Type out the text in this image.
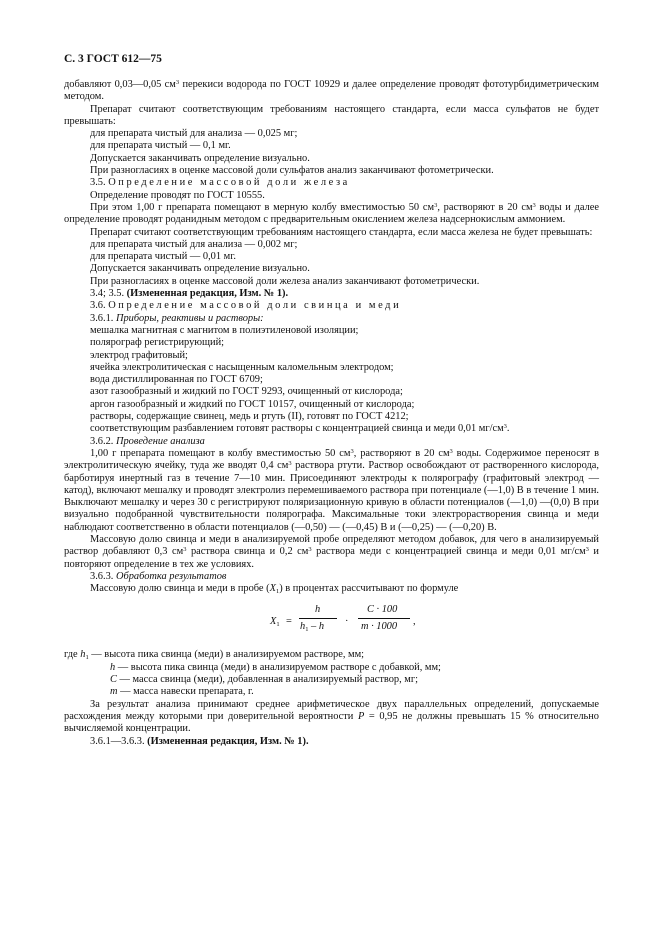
С. 3 ГОСТ 612—75

добавляют 0,03—0,05 $см^3$ перекиси водорода по ГОСТ 10929 и далее определение проводят фототурбидиметрическим методом.

Препарат считают соответствующим требованиям настоящего стандарта, если масса сульфатов не будет превышать:

для препарата чистый для анализа — 0,025 мг;

для препарата чистый — 0,1 мг.

Допускается заканчивать определение визуально.

При разногласиях в оценке массовой доли сульфатов анализ заканчивают фотометрически.

3.5. Определение массовой доли железа

Определение проводят по ГОСТ 10555.

При этом 1,00 г препарата помещают в мерную колбу вместимостью 50 $см^3$, растворяют в 20 $см^3$ воды и далее определение проводят роданидным методом с предварительным окислением железа надсернокислым аммонием.

Препарат считают соответствующим требованиям настоящего стандарта, если масса железа не будет превышать:

для препарата чистый для анализа — 0,002 мг;

для препарата чистый — 0,01 мг.

Допускается заканчивать определение визуально.

При разногласиях в оценке массовой доли железа анализ заканчивают фотометрически.

3.4; 3.5. (Измененная редакция, Изм. № 1).

3.6. Определение массовой доли свинца и меди

3.6.1. Приборы, реактивы и растворы:

мешалка магнитная с магнитом в полиэтиленовой изоляции;

полярограф регистрирующий;

электрод графитовый;

ячейка электролитическая с насыщенным каломельным электродом;

вода дистиллированная по ГОСТ 6709;

азот газообразный и жидкий по ГОСТ 9293, очищенный от кислорода;

аргон газообразный и жидкий по ГОСТ 10157, очищенный от кислорода;

растворы, содержащие свинец, медь и ртуть (II), готовят по ГОСТ 4212;

соответствующим разбавлением готовят растворы с концентрацией свинца и меди 0,01 $мг/см^3$.

3.6.2. Проведение анализа

1,00 г препарата помещают в колбу вместимостью 50 $см^3$, растворяют в 20 $см^3$ воды. Содержимое переносят в электролитическую ячейку, туда же вводят 0,4 $см^3$ раствора ртути. Раствор освобождают от растворенного кислорода, барботируя инертный газ в течение 7—10 мин. Присоединяют электроды к полярографу (графитовый электрод — катод), включают мешалку и проводят электролиз перемешиваемого раствора при потенциале (—1,0) В в течение 1 мин. Выключают мешалку и через 30 с регистрируют поляризационную кривую в области потенциалов (—1,0) —(0,0) В при визуально подобранной чувствительности полярографа. Максимальные токи электрорастворения свинца и меди наблюдают соответственно в области потенциалов (—0,50) — (—0,45) В и (—0,25) — (—0,20) В.

Массовую долю свинца и меди в анализируемой пробе определяют методом добавок, для чего в анализируемый раствор добавляют 0,3 $см^3$ раствора свинца и 0,2 $см^3$ раствора меди с концентрацией свинца и меди 0,01 $мг/см^3$ и повторяют определение в тех же условиях.

3.6.3. Обработка результатов

Массовую долю свинца и меди в пробе $(X_1)$ в процентах рассчитывают по формуле

$X_1$ =
h
$h_1$ – h ·
C · 100
m · 1000 ,

где $h_1$ — высота пика свинца (меди) в анализируемом растворе, мм;

h — высота пика свинца (меди) в анализируемом растворе с добавкой, мм;

C — масса свинца (меди), добавленная в анализируемый раствор, мг;

m — масса навески препарата, г.

За результат анализа принимают среднее арифметическое двух параллельных определений, допускаемые расхождения между которыми при доверительной вероятности P = 0,95 не должны превышать 15 % относительно вычисляемой концентрации.

3.6.1—3.6.3. (Измененная редакция, Изм. № 1).
